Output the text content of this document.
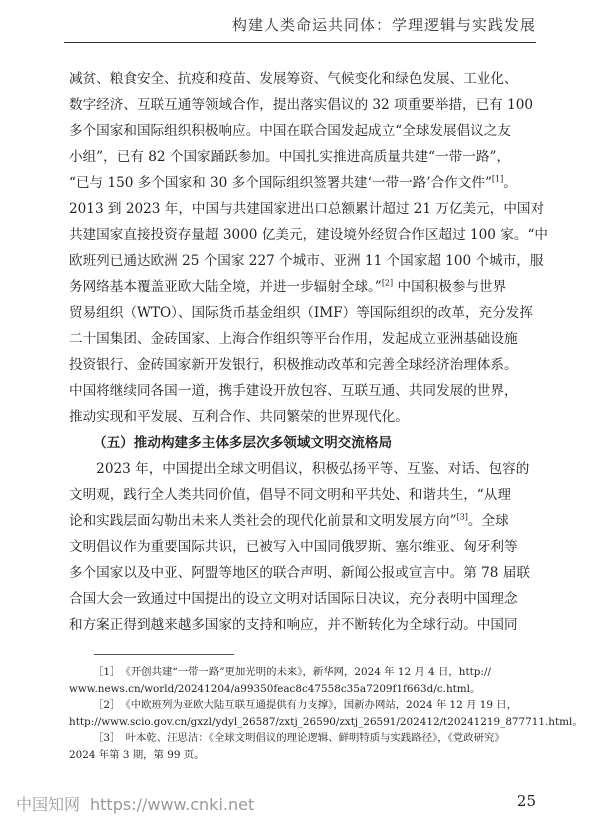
构建人类命运共同体：学理逻辑与实践发展
减贫、粮食安全、抗疫和疫苗、发展筹资、气候变化和绿色发展、工业化、
数字经济、互联互通等领域合作，提出落实倡议的 32 项重要举措，已有 100
多个国家和国际组织积极响应。中国在联合国发起成立“全球发展倡议之友
小组”，已有 82 个国家踊跃参加。中国扎实推进高质量共建“一带一路”，
“已与 150 多个国家和 30 多个国际组织签署共建‘一带一路’合作文件”[1]。
2013 到 2023 年，中国与共建国家进出口总额累计超过 21 万亿美元，中国对
共建国家直接投资存量超 3000 亿美元，建设境外经贸合作区超过 100 家。“中
欧班列已通达欧洲 25 个国家 227 个城市、亚洲 11 个国家超 100 个城市，服
务网络基本覆盖亚欧大陆全境，并进一步辐射全球。”[2] 中国积极参与世界
贸易组织（WTO）、国际货币基金组织（IMF）等国际组织的改革，充分发挥
二十国集团、金砖国家、上海合作组织等平台作用，发起成立亚洲基础设施
投资银行、金砖国家新开发银行，积极推动改革和完善全球经济治理体系。
中国将继续同各国一道，携手建设开放包容、互联互通、共同发展的世界，
推动实现和平发展、互利合作、共同繁荣的世界现代化。
（五）推动构建多主体多层次多领域文明交流格局
　　2023 年，中国提出全球文明倡议，积极弘扬平等、互鉴、对话、包容的
文明观，践行全人类共同价值，倡导不同文明和平共处、和谐共生，“从理
论和实践层面勾勒出未来人类社会的现代化前景和文明发展方向”[3]。全球
文明倡议作为重要国际共识，已被写入中国同俄罗斯、塞尔维亚、匈牙利等
多个国家以及中亚、阿盟等地区的联合声明、新闻公报或宣言中。第 78 届联
合国大会一致通过中国提出的设立文明对话国际日决议，充分表明中国理念
和方案正得到越来越多国家的支持和响应，并不断转化为全球行动。中国同
［1］　《开创共建“一带一路”更加光明的未来》，新华网，2024 年 12 月 4 日，http://
www.news.cn/world/20241204/a99350feac8c47558c35a7209f1f663d/c.html。
［2］　《中欧班列为亚欧大陆互联互通提供有力支撑》，国新办网站，2024 年 12 月 19 日，
http://www.scio.gov.cn/gxzl/ydyl_26587/zxtj_26590/zxtj_26591/202412/t20241219_877711.html。
［3］　叶本乾、汪思洁：《全球文明倡议的理论逻辑、鲜明特质与实践路径》，《党政研究》
2024 年第 3 期，第 99 页。
中国知网 https://www.cnki.net	25
